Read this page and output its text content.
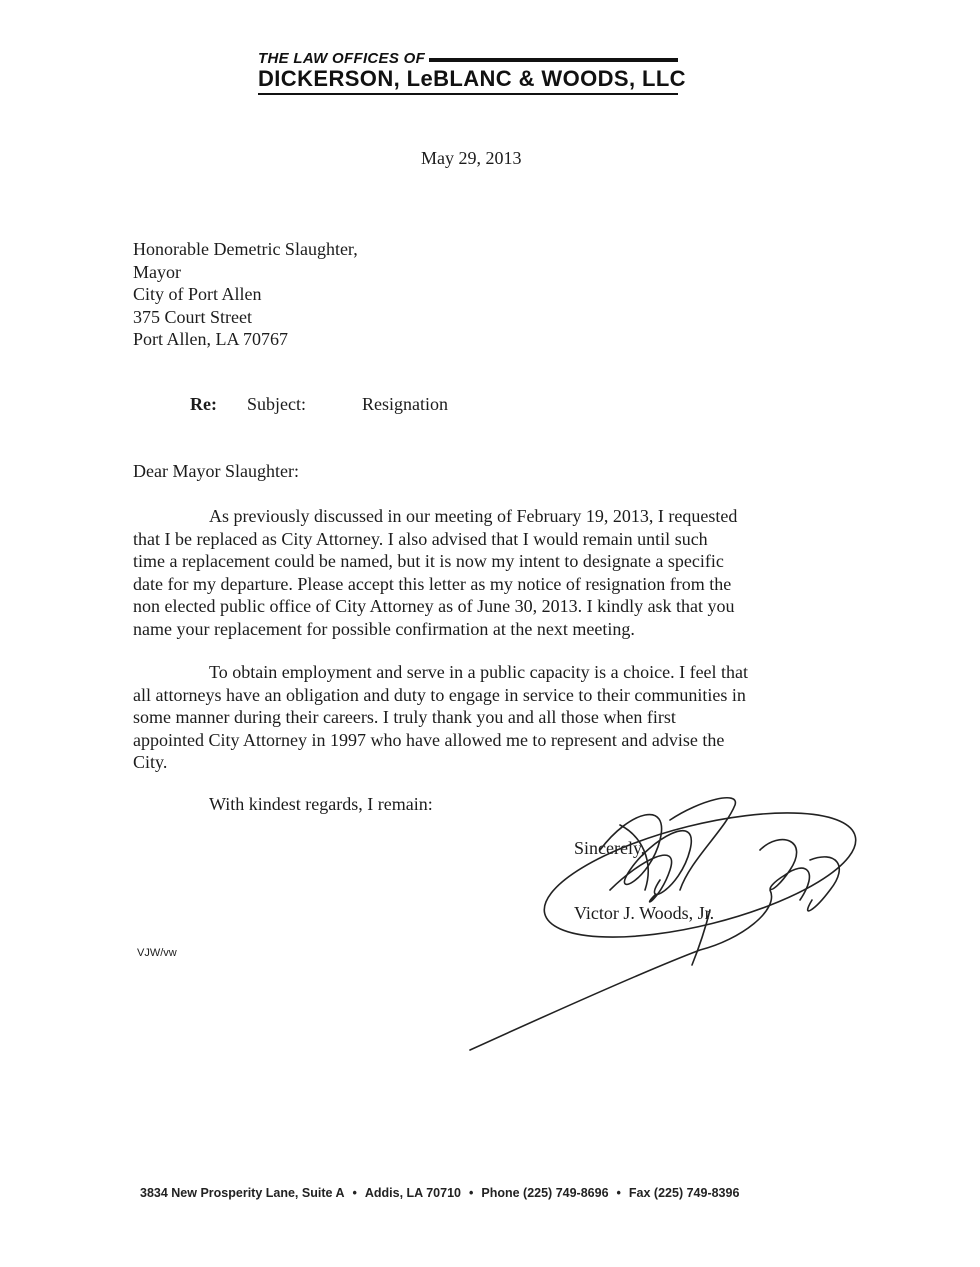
THE LAW OFFICES OF
DICKERSON, LeBLANC & WOODS, LLC
May 29, 2013
Honorable Demetric Slaughter,
Mayor
City of Port Allen
375 Court Street
Port Allen, LA 70767
Re: Subject:	Resignation
Dear Mayor Slaughter:
As previously discussed in our meeting of February 19, 2013, I requested
that I be replaced as City Attorney. I also advised that I would remain until such
time a replacement could be named, but it is now my intent to designate a specific
date for my departure. Please accept this letter as my notice of resignation from the
non elected public office of City Attorney as of June 30, 2013. I kindly ask that you
name your replacement for possible confirmation at the next meeting.
To obtain employment and serve in a public capacity is a choice. I feel that
all attorneys have an obligation and duty to engage in service to their communities in
some manner during their careers. I truly thank you and all those when first
appointed City Attorney in 1997 who have allowed me to represent and advise the
City.
With kindest regards, I remain:
Sincerely,
Victor J. Woods, Jr.
VJW/vw
3834 New Prosperity Lane, Suite A • Addis, LA 70710 • Phone (225) 749-8696 • Fax (225) 749-8396
